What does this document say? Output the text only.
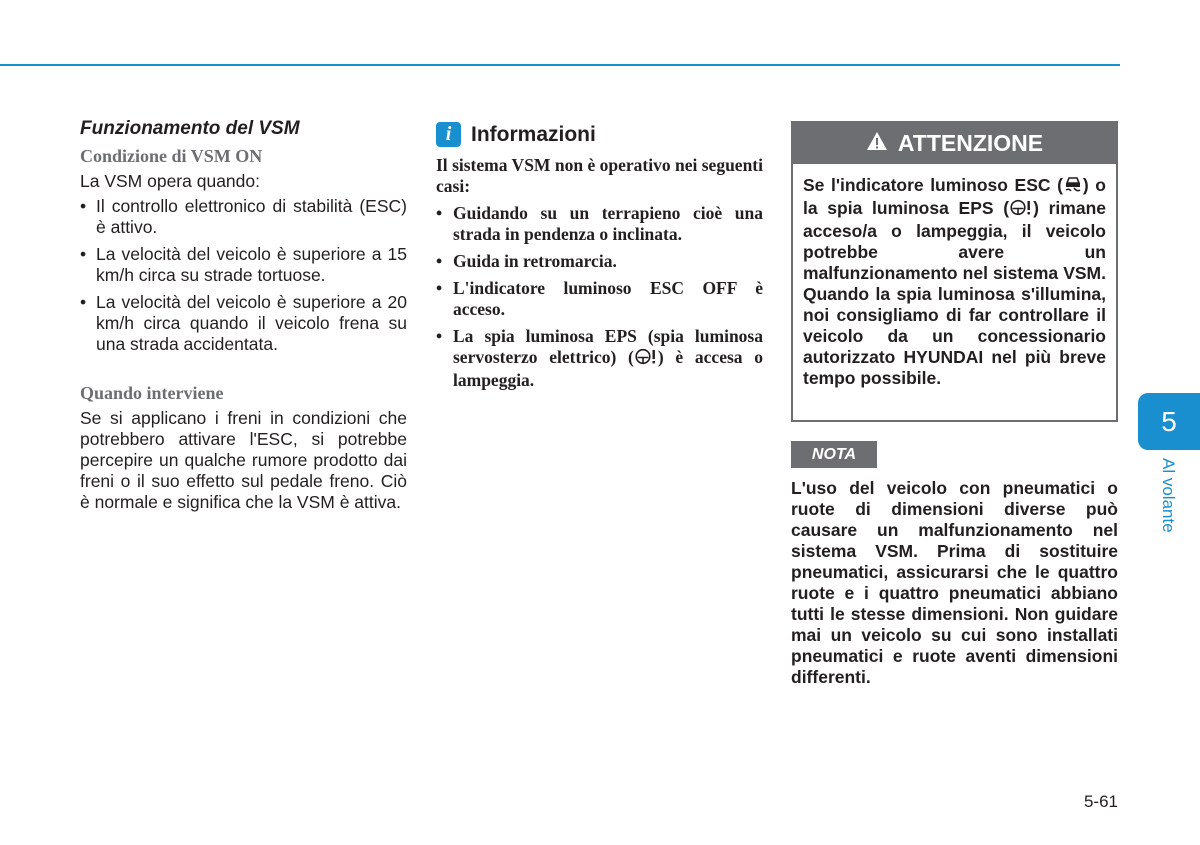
Funzionamento del VSM
Condizione di VSM ON

La VSM opera quando:

• Il controllo elettronico di stabilità (ESC) è attivo.
• La velocità del veicolo è superiore a 15 km/h circa su strade tortuose.
• La velocità del veicolo è superiore a 20 km/h circa quando il veicolo frena su una strada accidentata.
Quando interviene

Se si applicano i freni in condizioni che potrebbero attivare l'ESC, si potrebbe percepire un qualche rumore prodotto dai freni o il suo effetto sul pedale freno. Ciò è normale e significa che la VSM è attiva.

i Informazioni

Il sistema VSM non è operativo nei seguenti casi:

• Guidando su un terrapieno cioè una strada in pendenza o inclinata.
• Guida in retromarcia.
• L'indicatore luminoso ESC OFF è acceso.
• La spia luminosa EPS (spia luminosa servosterzo elettrico) ( ) è accesa o lampeggia.
ATTENZIONE

Se l'indicatore luminoso ESC ( ) o la spia luminosa EPS ( ) rimane acceso/a o lampeggia, il veicolo potrebbe avere un malfunzionamento nel sistema VSM. Quando la spia luminosa s'illumina, noi consigliamo di far controllare il veicolo da un concessionario autorizzato HYUNDAI nel più breve tempo possibile.

NOTA

L'uso del veicolo con pneumatici o ruote di dimensioni diverse può causare un malfunzionamento nel sistema VSM. Prima di sostituire pneumatici, assicurarsi che le quattro ruote e i quattro pneumatici abbiano tutti le stesse dimensioni. Non guidare mai un veicolo su cui sono installati pneumatici e ruote aventi dimensioni differenti.

5
Al volante
5-61
